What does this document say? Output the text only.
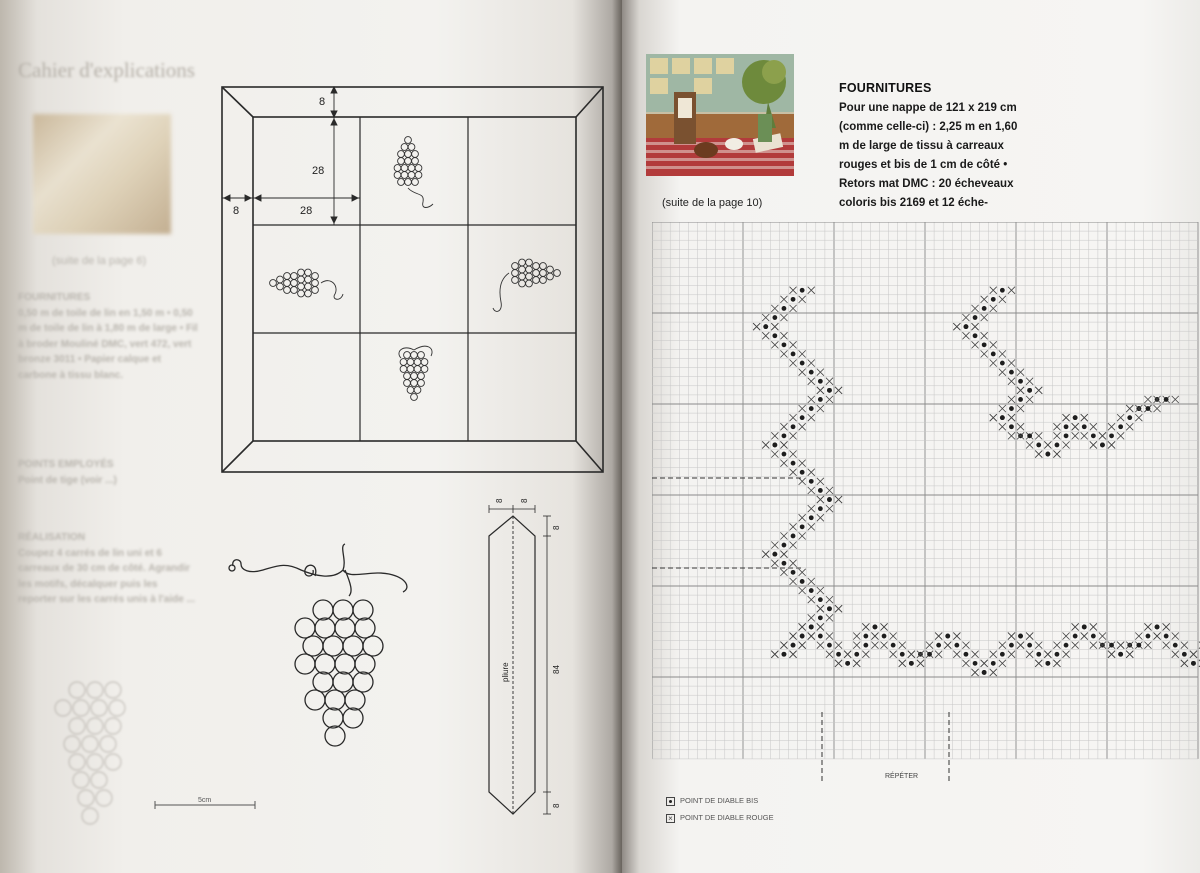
Cahier d'explications
(suite de la page 6)
FOURNITURES
0,50 m de toile de lin en 1,50 m • 0,50 m de toile de lin à 1,80 m de large • Fil à broder Mouliné DMC, vert 472, vert bronze 3011 • Papier calque et carbone à tissu blanc.
POINTS EMPLOYÉS
Point de tige (voir ...)
RÉALISATION
Coupez 4 carrés de lin uni et 6 carreaux de 30 cm de côté. Agrandir les motifs, décalquer puis les reporter sur les carrés unis à l'aide ...
8
28
8	28
5cm
8 8
8
84
8
pliure
(suite de la page 10)
FOURNITURES

Pour une nappe de 121 x 219 cm (comme celle-ci) : 2,25 m en 1,60 m de large de tissu à carreaux rouges et bis de 1 cm de côté • Retors mat DMC : 20 écheveaux coloris bis 2169 et 12 éche-

RÉPÉTER
POINT DE DIABLE BIS
× POINT DE DIABLE ROUGE
